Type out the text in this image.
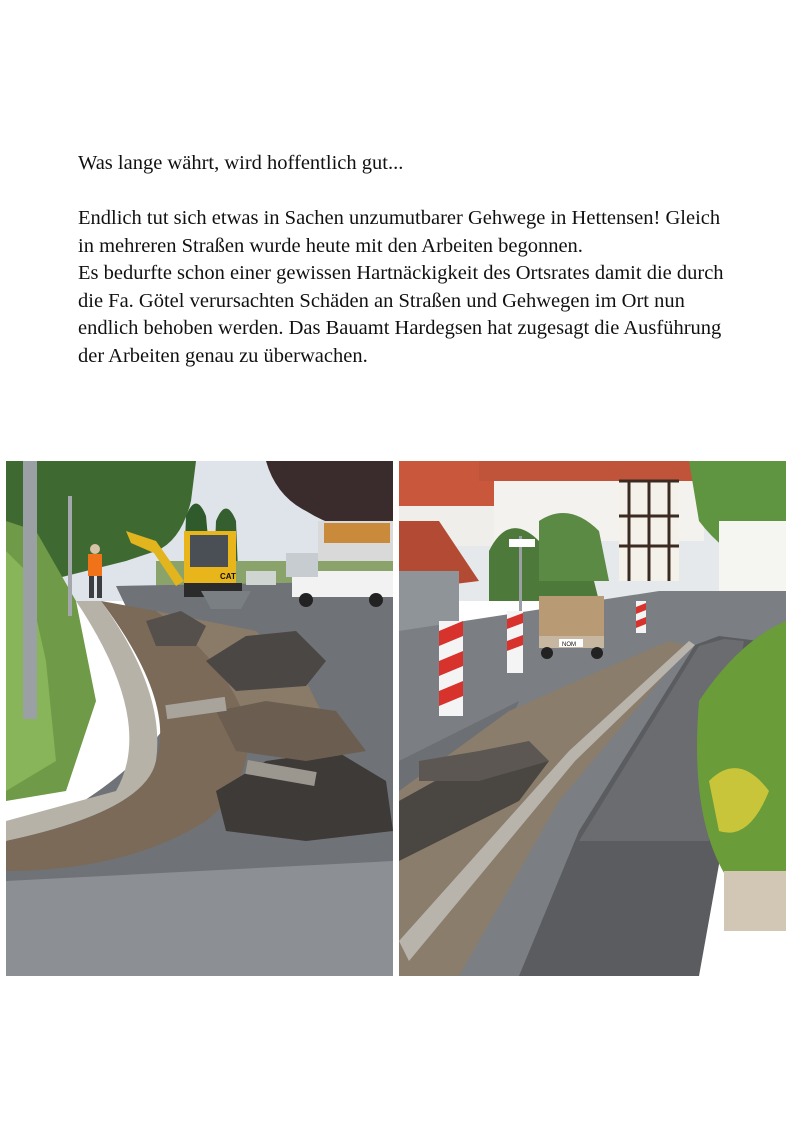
Was lange währt, wird hoffentlich gut...

Endlich tut sich etwas in Sachen unzumutbarer Gehwege in Hettensen! Gleich in mehreren Straßen wurde heute mit den Arbeiten begonnen.

Es bedurfte schon einer gewissen Hartnäckigkeit des Ortsrates damit die durch die Fa. Götel verursachten Schäden an Straßen und Gehwegen im Ort nun endlich behoben werden. Das Bauamt Hardegsen hat zugesagt die Ausführung der Arbeiten genau zu überwachen.

CAT
NOM
